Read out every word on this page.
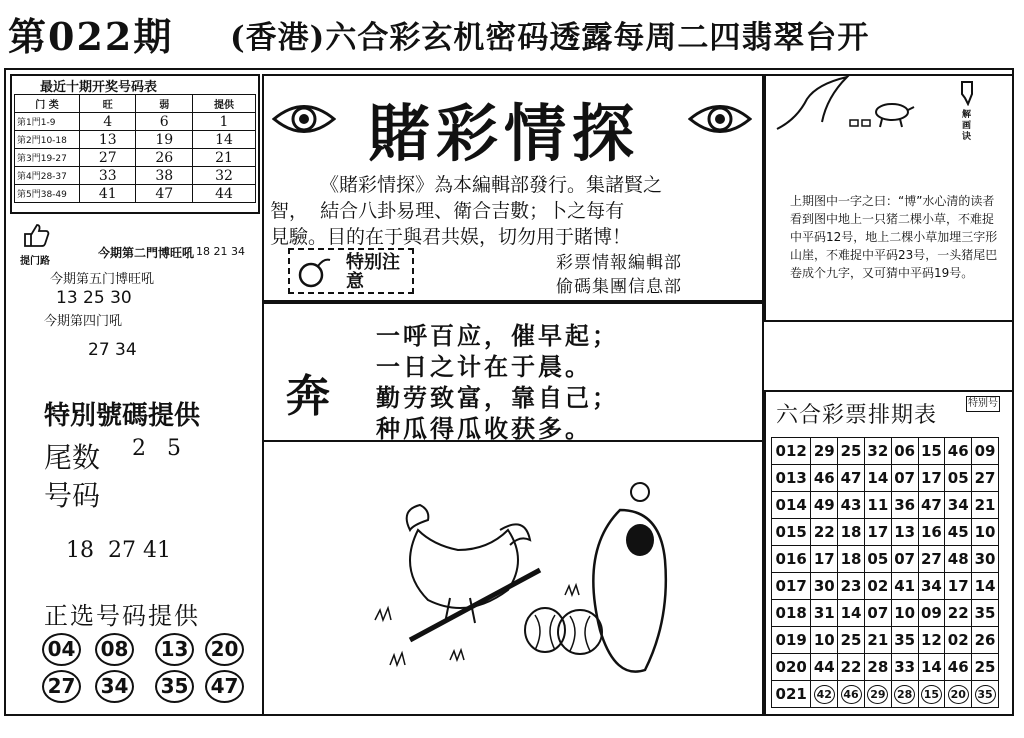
第022期 (香港)六合彩玄机密码透露每周二四翡翠台开
最近十期开奖号码表
门 类	旺	弱	提供
第1門1-9	4	6	1
第2門10-18	13	19	14
第3門19-27	27	26	21
第4門28-37	33	38	32
第5門38-49	41	47	44
提门路
今期第二門博旺吼 18 21 34
今期第五门博旺吼
13 25 30
今期第四门吼
27 34
特別號碼提供
尾数 2   5
号码
18  27 41
正选号码提供
04 08 13 20
27 34 35 47
賭彩情探
《賭彩情探》為本編輯部發行。集諸賢之
智，  結合八卦易理、衛合吉數；卜之每有
見驗。目的在于與君共娱，切勿用于賭博！
特别注意
彩票情報編輯部
偷碼集團信息部
奔
一呼百应，催早起；
一日之计在于晨。
勤劳致富，靠自己；
种瓜得瓜收获多。
解画诀
上期图中一字之曰：“博”水心清的读者看到图中地上一只猪二棵小草，不难捉中平码12号，地上二棵小草加埋三字形山崖，不难捉中平码23号，一头猪尾巴卷成个九字，又可猜中平码19号。
六合彩票排期表	特别号
012	29	25	32	06	15	46	09
013	46	47	14	07	17	05	27
014	49	43	11	36	47	34	21
015	22	18	17	13	16	45	10
016	17	18	05	07	27	48	30
017	30	23	02	41	34	17	14
018	31	14	07	10	09	22	35
019	10	25	21	35	12	02	26
020	44	22	28	33	14	46	25
021	42	46	29	28	15	20	35
